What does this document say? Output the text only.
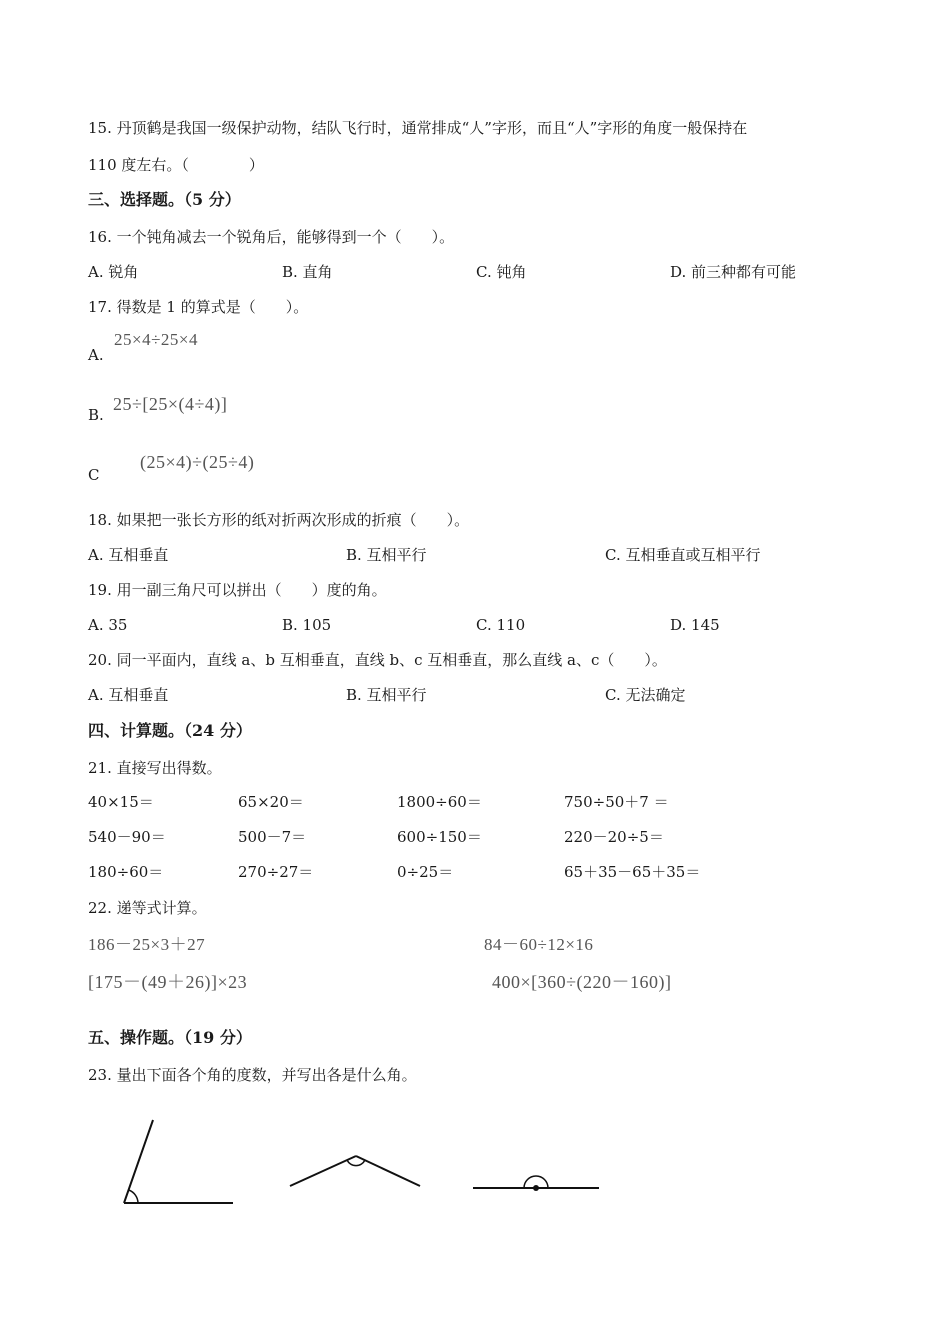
15. 丹顶鹤是我国一级保护动物，结队飞行时，通常排成“人”字形，而且“人”字形的角度一般保持在
110 度左右。（　　　　）
三、选择题。（5 分）
16. 一个钝角减去一个锐角后，能够得到一个（　　）。
A. 锐角	B. 直角	C. 钝角	D. 前三种都有可能
17. 得数是 1 的算式是（　　）。
A.
25×4÷25×4
B.
25÷[25×(4÷4)]
C
(25×4)÷(25÷4)
18. 如果把一张长方形的纸对折两次形成的折痕（　　）。
A. 互相垂直	B. 互相平行	C. 互相垂直或互相平行
19. 用一副三角尺可以拼出（　　）度的角。
A. 35	B. 105	C. 110	D. 145
20. 同一平面内，直线 a、b 互相垂直，直线 b、c 互相垂直，那么直线 a、c（　　）。
A. 互相垂直	B. 互相平行	C. 无法确定
四、计算题。（24 分）
21. 直接写出得数。
40×15＝	65×20＝	1800÷60＝	750÷50＋7 ＝
540－90＝	500－7＝	600÷150＝	220－20÷5＝
180÷60＝	270÷27＝	0÷25＝	65＋35－65＋35＝
22. 递等式计算。
186－25×3＋27	84－60÷12×16
[175－(49＋26)]×23	400×[360÷(220－160)]
五、操作题。（19 分）
23. 量出下面各个角的度数，并写出各是什么角。
